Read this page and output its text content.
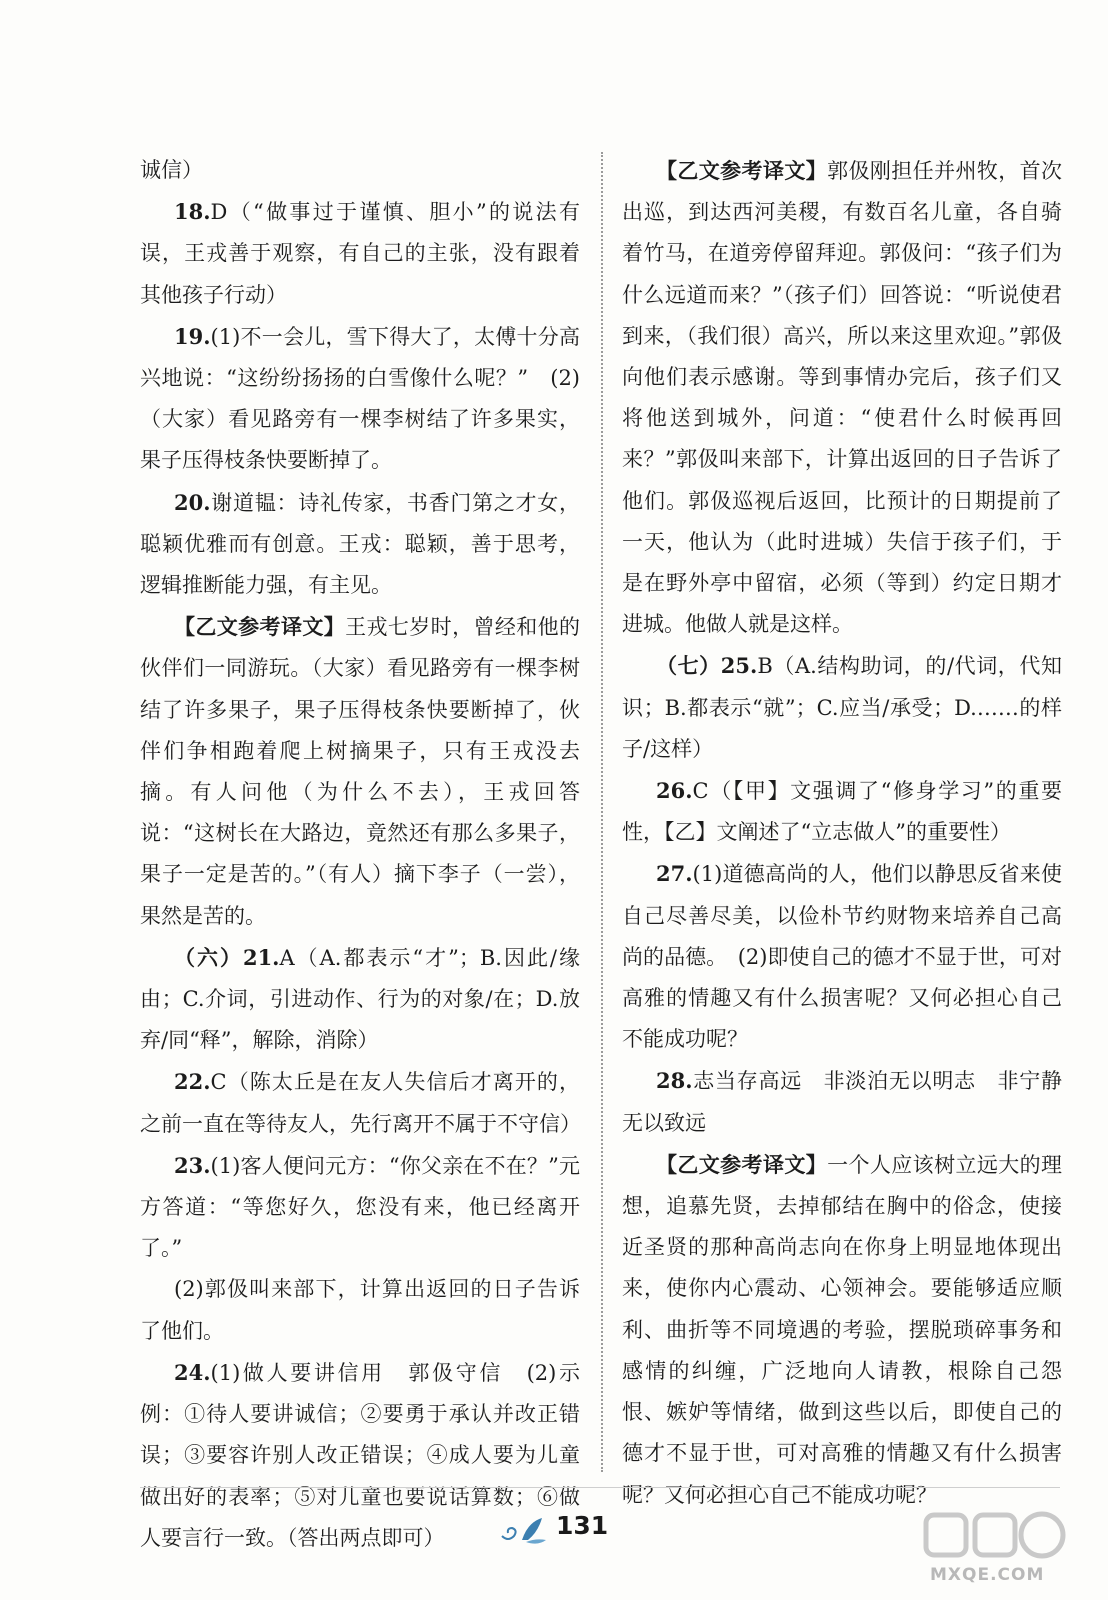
诚信）

18.D（“做事过于谨慎、胆小”的说法有误，王戎善于观察，有自己的主张，没有跟着其他孩子行动）

19.(1)不一会儿，雪下得大了，太傅十分高兴地说：“这纷纷扬扬的白雪像什么呢？”　(2)（大家）看见路旁有一棵李树结了许多果实，果子压得枝条快要断掉了。

20.谢道韫：诗礼传家，书香门第之才女，聪颖优雅而有创意。王戎：聪颖，善于思考，逻辑推断能力强，有主见。

【乙文参考译文】王戎七岁时，曾经和他的伙伴们一同游玩。（大家）看见路旁有一棵李树结了许多果子，果子压得枝条快要断掉了，伙伴们争相跑着爬上树摘果子，只有王戎没去摘。有人问他（为什么不去），王戎回答说：“这树长在大路边，竟然还有那么多果子，果子一定是苦的。”（有人）摘下李子（一尝），果然是苦的。

（六）21.A（A.都表示“才”；B.因此/缘由；C.介词，引进动作、行为的对象/在；D.放弃/同“释”，解除，消除）

22.C（陈太丘是在友人失信后才离开的，之前一直在等待友人，先行离开不属于不守信）

23.(1)客人便问元方：“你父亲在不在？”元方答道：“等您好久，您没有来，他已经离开了。”

(2)郭伋叫来部下，计算出返回的日子告诉了他们。

24.(1)做人要讲信用　郭伋守信　(2)示例：①待人要讲诚信；②要勇于承认并改正错误；③要容许别人改正错误；④成人要为儿童做出好的表率；⑤对儿童也要说话算数；⑥做人要言行一致。（答出两点即可）

【乙文参考译文】郭伋刚担任并州牧，首次出巡，到达西河美稷，有数百名儿童，各自骑着竹马，在道旁停留拜迎。郭伋问：“孩子们为什么远道而来？”（孩子们）回答说：“听说使君到来，（我们很）高兴，所以来这里欢迎。”郭伋向他们表示感谢。等到事情办完后，孩子们又将他送到城外，问道：“使君什么时候再回来？”郭伋叫来部下，计算出返回的日子告诉了他们。郭伋巡视后返回，比预计的日期提前了一天，他认为（此时进城）失信于孩子们，于是在野外亭中留宿，必须（等到）约定日期才进城。他做人就是这样。

（七）25.B（A.结构助词，的/代词，代知识；B.都表示“就”；C.应当/承受；D.……的样子/这样）

26.C（【甲】文强调了“修身学习”的重要性，【乙】文阐述了“立志做人”的重要性）

27.(1)道德高尚的人，他们以静思反省来使自己尽善尽美，以俭朴节约财物来培养自己高尚的品德。　(2)即使自己的德才不显于世，可对高雅的情趣又有什么损害呢？又何必担心自己不能成功呢？

28.志当存高远　非淡泊无以明志　非宁静无以致远

【乙文参考译文】一个人应该树立远大的理想，追慕先贤，去掉郁结在胸中的俗念，使接近圣贤的那种高尚志向在你身上明显地体现出来，使你内心震动、心领神会。要能够适应顺利、曲折等不同境遇的考验，摆脱琐碎事务和感情的纠缠，广泛地向人请教，根除自己怨恨、嫉妒等情绪，做到这些以后，即使自己的德才不显于世，可对高雅的情趣又有什么损害呢？又何必担心自己不能成功呢？

131
MXQE.COM
